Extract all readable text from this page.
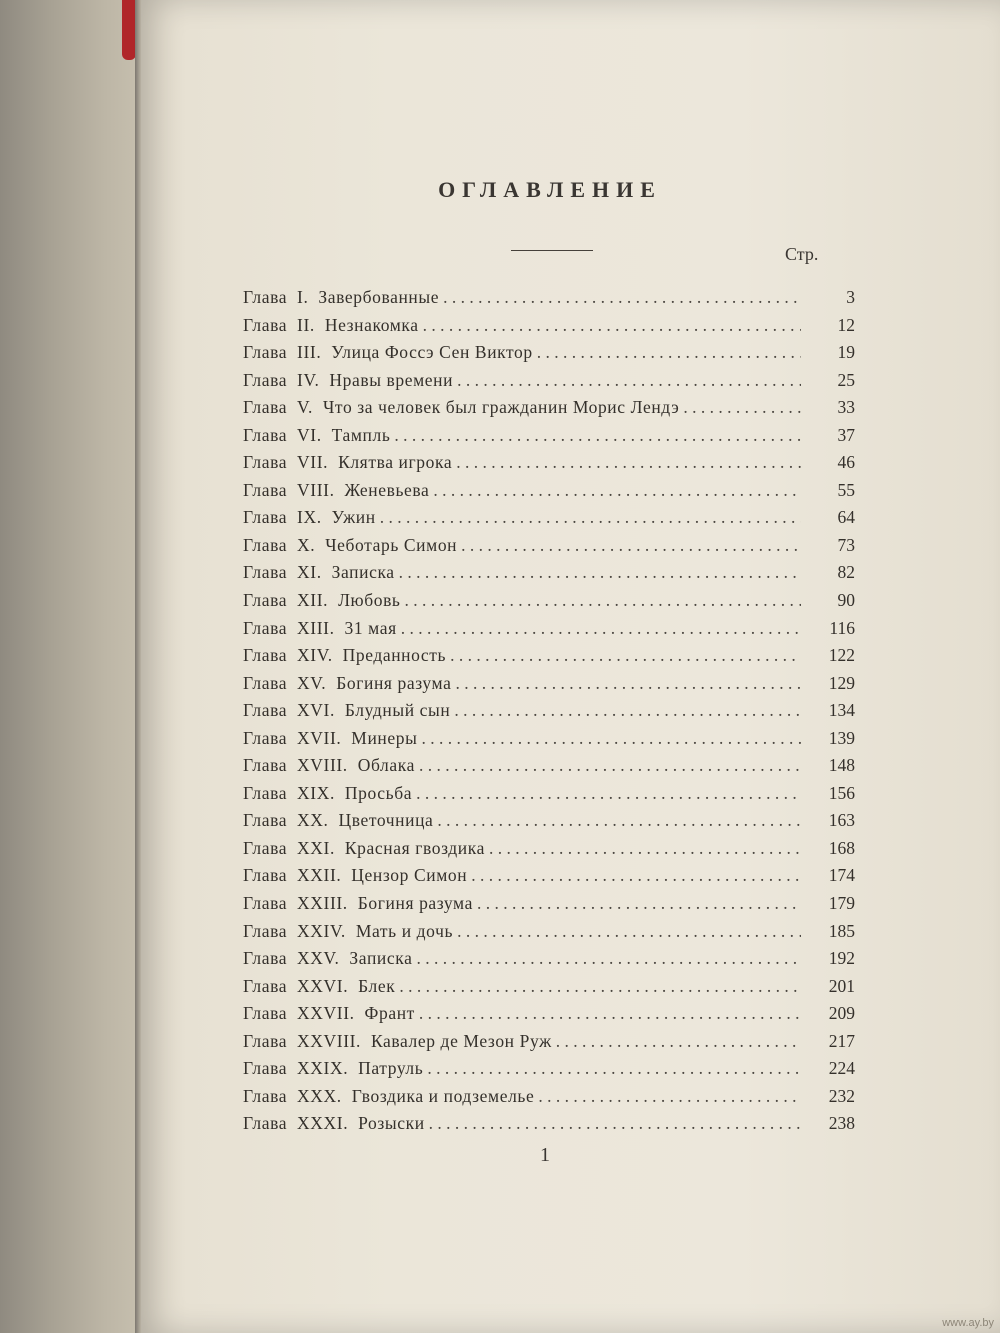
ОГЛАВЛЕНИЕ
Стр.
Глава  I.  Завербованные . . .	3
Глава  II.  Незнакомка . . .	12
Глава  III.  Улица Фоссэ Сен Виктор . . .	19
Глава  IV.  Нравы времени . . .	25
Глава  V.  Что за человек был гражданин Морис Лендэ . . .	33
Глава  VI.  Тампль . . .	37
Глава  VII.  Клятва игрока . . .	46
Глава  VIII.  Женевьева . . .	55
Глава  IX.  Ужин . . .	64
Глава  X.  Чеботарь Симон . . .	73
Глава  XI.  Записка . . .	82
Глава  XII.  Любовь . . .	90
Глава  XIII.  31 мая . . .	116
Глава  XIV.  Преданность . . .	122
Глава  XV.  Богиня разума . . .	129
Глава  XVI.  Блудный сын . . .	134
Глава  XVII.  Минеры . . .	139
Глава  XVIII.  Облака . . .	148
Глава  XIX.  Просьба . . .	156
Глава  XX.  Цветочница . . .	163
Глава  XXI.  Красная гвоздика . . .	168
Глава  XXII.  Цензор Симон . . .	174
Глава  XXIII.  Богиня разума . . .	179
Глава  XXIV.  Мать и дочь . . .	185
Глава  XXV.  Записка . . .	192
Глава  XXVI.  Блек . . .	201
Глава  XXVII.  Франт . . .	209
Глава  XXVIII.  Кавалер де Мезон Руж . . .	217
Глава  XXIX.  Патруль . . .	224
Глава  XXX.  Гвоздика и подземелье . . .	232
Глава  XXXI.  Розыски . . .	238
1
www.ay.by
